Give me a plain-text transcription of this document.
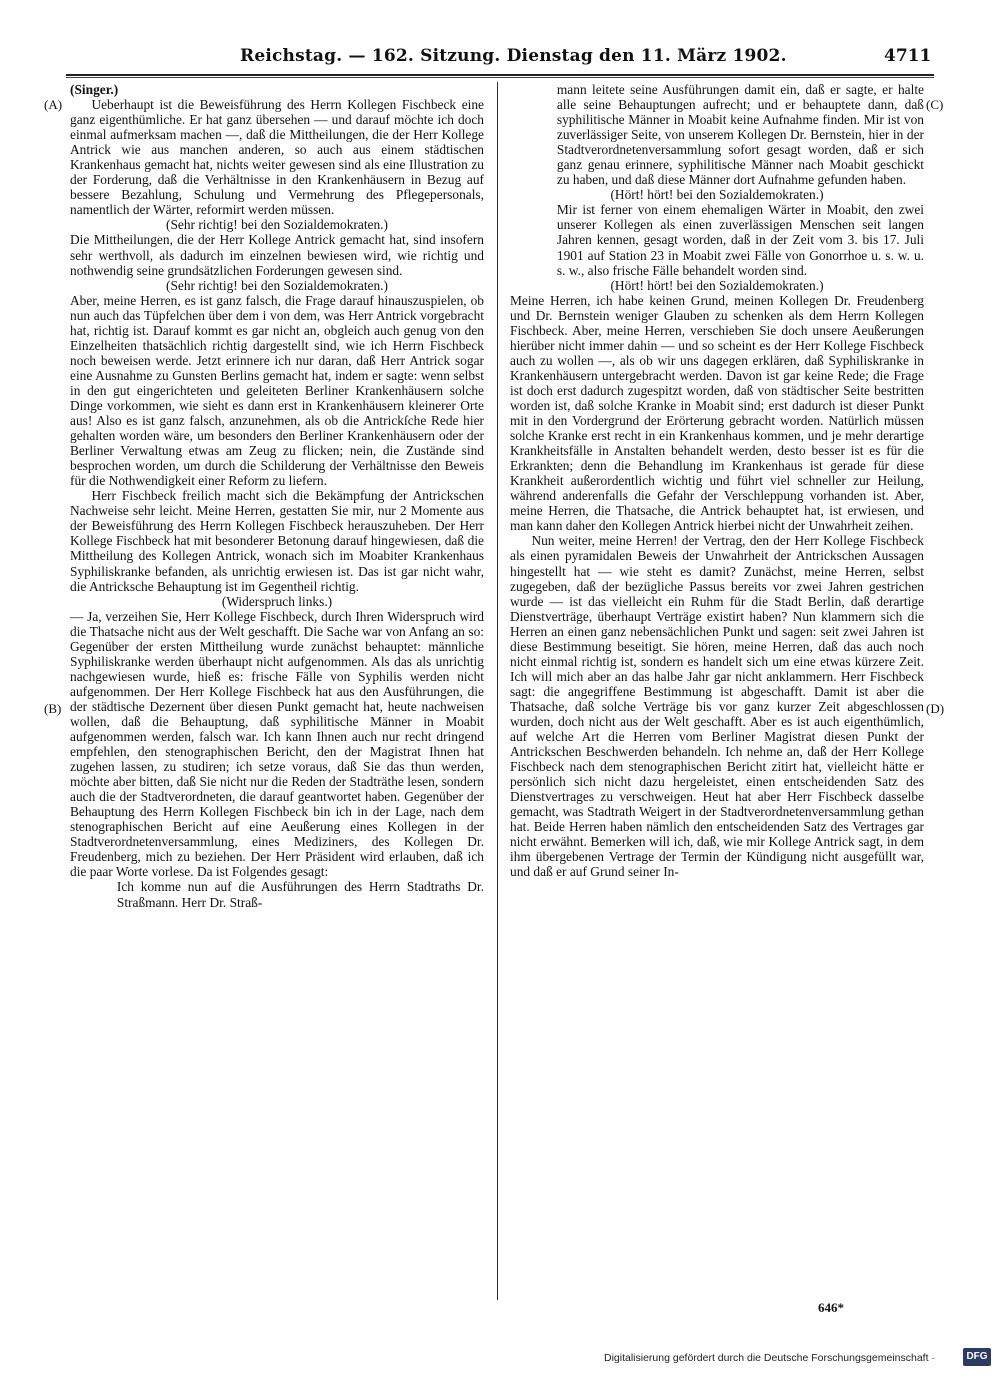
Reichstag. — 162. Sitzung. Dienstag den 11. März 1902.	4711
(A)
(B)
(C)
(D)

(Singer.)

Ueberhaupt ist die Beweisführung des Herrn Kollegen Fischbeck eine ganz eigenthümliche. Er hat ganz übersehen — und darauf möchte ich doch einmal aufmerksam machen —, daß die Mittheilungen, die der Herr Kollege Antrick wie aus manchen anderen, so auch aus einem städtischen Krankenhaus gemacht hat, nichts weiter gewesen sind als eine Illustration zu der Forderung, daß die Verhältnisse in den Krankenhäusern in Bezug auf bessere Bezahlung, Schulung und Vermehrung des Pflegepersonals, namentlich der Wärter, reformirt werden müssen.

(Sehr richtig! bei den Sozialdemokraten.)

Die Mittheilungen, die der Herr Kollege Antrick gemacht hat, sind insofern sehr werthvoll, als dadurch im einzelnen bewiesen wird, wie richtig und nothwendig seine grundsätzlichen Forderungen gewesen sind.

(Sehr richtig! bei den Sozialdemokraten.)

Aber, meine Herren, es ist ganz falsch, die Frage darauf hinauszuspielen, ob nun auch das Tüpfelchen über dem i von dem, was Herr Antrick vorgebracht hat, richtig ist. Darauf kommt es gar nicht an, obgleich auch genug von den Einzelheiten thatsächlich richtig dargestellt sind, wie ich Herrn Fischbeck noch beweisen werde. Jetzt erinnere ich nur daran, daß Herr Antrick sogar eine Ausnahme zu Gunsten Berlins gemacht hat, indem er sagte: wenn selbst in den gut eingerichteten und geleiteten Berliner Krankenhäusern solche Dinge vorkommen, wie sieht es dann erst in Krankenhäusern kleinerer Orte aus! Also es ist ganz falsch, anzunehmen, als ob die Antrickſche Rede hier gehalten worden wäre, um besonders den Berliner Krankenhäusern oder der Berliner Verwaltung etwas am Zeug zu flicken; nein, die Zustände sind besprochen worden, um durch die Schilderung der Verhältnisse den Beweis für die Nothwendigkeit einer Reform zu liefern.

Herr Fischbeck freilich macht sich die Bekämpfung der Antrickschen Nachweise sehr leicht. Meine Herren, gestatten Sie mir, nur 2 Momente aus der Beweisführung des Herrn Kollegen Fischbeck herauszuheben. Der Herr Kollege Fischbeck hat mit besonderer Betonung darauf hingewiesen, daß die Mittheilung des Kollegen Antrick, wonach sich im Moabiter Krankenhaus Syphiliskranke befanden, als unrichtig erwiesen ist. Das ist gar nicht wahr, die Antricksche Behauptung ist im Gegentheil richtig.

(Widerspruch links.)

— Ja, verzeihen Sie, Herr Kollege Fischbeck, durch Ihren Widerspruch wird die Thatsache nicht aus der Welt geschafft. Die Sache war von Anfang an so: Gegenüber der ersten Mittheilung wurde zunächst behauptet: männliche Syphiliskranke werden überhaupt nicht aufgenommen. Als das als unrichtig nachgewiesen wurde, hieß es: frische Fälle von Syphilis werden nicht aufgenommen. Der Herr Kollege Fischbeck hat aus den Ausführungen, die der städtische Dezernent über diesen Punkt gemacht hat, heute nachweisen wollen, daß die Behauptung, daß syphilitische Männer in Moabit aufgenommen werden, falsch war. Ich kann Ihnen auch nur recht dringend empfehlen, den stenographischen Bericht, den der Magistrat Ihnen hat zugehen lassen, zu studiren; ich setze voraus, daß Sie das thun werden, möchte aber bitten, daß Sie nicht nur die Reden der Stadträthe lesen, sondern auch die der Stadtverordneten, die darauf geantwortet haben. Gegenüber der Behauptung des Herrn Kollegen Fischbeck bin ich in der Lage, nach dem stenographischen Bericht auf eine Aeußerung eines Kollegen in der Stadtverordnetenversammlung, eines Mediziners, des Kollegen Dr. Freudenberg, mich zu beziehen. Der Herr Präsident wird erlauben, daß ich die paar Worte vorlese. Da ist Folgendes gesagt:

Ich komme nun auf die Ausführungen des Herrn Stadtraths Dr. Straßmann. Herr Dr. Straß-

mann leitete seine Ausführungen damit ein, daß er sagte, er halte alle seine Behauptungen aufrecht; und er behauptete dann, daß syphilitische Männer in Moabit keine Aufnahme finden. Mir ist von zuverlässiger Seite, von unserem Kollegen Dr. Bernstein, hier in der Stadtverordnetenversammlung sofort gesagt worden, daß er sich ganz genau erinnere, syphilitische Männer nach Moabit geschickt zu haben, und daß diese Männer dort Aufnahme gefunden haben.

(Hört! hört! bei den Sozialdemokraten.)

Mir ist ferner von einem ehemaligen Wärter in Moabit, den zwei unserer Kollegen als einen zuverlässigen Menschen seit langen Jahren kennen, gesagt worden, daß in der Zeit vom 3. bis 17. Juli 1901 auf Station 23 in Moabit zwei Fälle von Gonorrhoe u. s. w. u. s. w., also frische Fälle behandelt worden sind.

(Hört! hört! bei den Sozialdemokraten.)

Meine Herren, ich habe keinen Grund, meinen Kollegen Dr. Freudenberg und Dr. Bernstein weniger Glauben zu schenken als dem Herrn Kollegen Fischbeck. Aber, meine Herren, verschieben Sie doch unsere Aeußerungen hierüber nicht immer dahin — und so scheint es der Herr Kollege Fischbeck auch zu wollen —, als ob wir uns dagegen erklären, daß Syphiliskranke in Krankenhäusern untergebracht werden. Davon ist gar keine Rede; die Frage ist doch erst dadurch zugespitzt worden, daß von städtischer Seite bestritten worden ist, daß solche Kranke in Moabit sind; erst dadurch ist dieser Punkt mit in den Vordergrund der Erörterung gebracht worden. Natürlich müssen solche Kranke erst recht in ein Krankenhaus kommen, und je mehr derartige Krankheitsfälle in Anstalten behandelt werden, desto besser ist es für die Erkrankten; denn die Behandlung im Krankenhaus ist gerade für diese Krankheit außerordentlich wichtig und führt viel schneller zur Heilung, während anderenfalls die Gefahr der Verschleppung vorhanden ist. Aber, meine Herren, die Thatsache, die Antrick behauptet hat, ist erwiesen, und man kann daher den Kollegen Antrick hierbei nicht der Unwahrheit zeihen.

Nun weiter, meine Herren! der Vertrag, den der Herr Kollege Fischbeck als einen pyramidalen Beweis der Unwahrheit der Antrickschen Aussagen hingestellt hat — wie steht es damit? Zunächst, meine Herren, selbst zugegeben, daß der bezügliche Passus bereits vor zwei Jahren gestrichen wurde — ist das vielleicht ein Ruhm für die Stadt Berlin, daß derartige Dienstverträge, überhaupt Verträge existirt haben? Nun klammern sich die Herren an einen ganz nebensächlichen Punkt und sagen: seit zwei Jahren ist diese Bestimmung beseitigt. Sie hören, meine Herren, daß das auch noch nicht einmal richtig ist, sondern es handelt sich um eine etwas kürzere Zeit. Ich will mich aber an das halbe Jahr gar nicht anklammern. Herr Fischbeck sagt: die angegriffene Bestimmung ist abgeschafft. Damit ist aber die Thatsache, daß solche Verträge bis vor ganz kurzer Zeit abgeschlossen wurden, doch nicht aus der Welt geschafft. Aber es ist auch eigenthümlich, auf welche Art die Herren vom Berliner Magistrat diesen Punkt der Antrickschen Beschwerden behandeln. Ich nehme an, daß der Herr Kollege Fischbeck nach dem stenographischen Bericht zitirt hat, vielleicht hätte er persönlich sich nicht dazu hergeleistet, einen entscheidenden Satz des Dienstvertrages zu verschweigen. Heut hat aber Herr Fischbeck dasselbe gemacht, was Stadtrath Weigert in der Stadtverordnetenversammlung gethan hat. Beide Herren haben nämlich den entscheidenden Satz des Vertrages gar nicht erwähnt. Bemerken will ich, daß, wie mir Kollege Antrick sagt, in dem ihm übergebenen Vertrage der Termin der Kündigung nicht ausgefüllt war, und daß er auf Grund seiner In-

646*
Digitalisierung gefördert durch die Deutsche Forschungsgemeinschaft ·	DFG
